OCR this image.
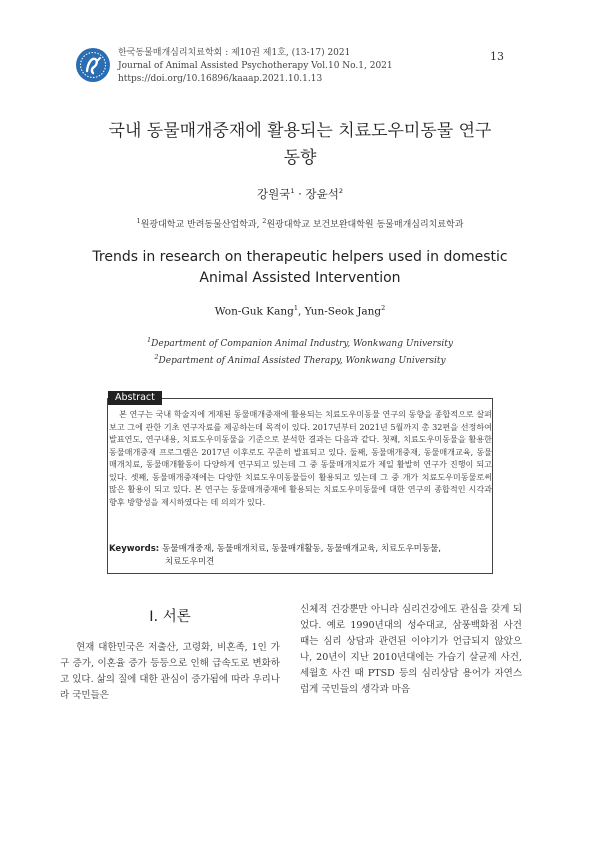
한국동물매개심리치료학회 : 제10권 제1호, (13-17) 2021
Journal of Animal Assisted Psychotherapy Vol.10 No.1, 2021
https://doi.org/10.16896/kaaap.2021.10.1.13
13
국내 동물매개중재에 활용되는 치료도우미동물 연구
동향
강원국$^1$ · 장윤석$^2$
$^1$원광대학교 반려동물산업학과, $^2$원광대학교 보건보완대학원 동물매개심리치료학과
Trends in research on therapeutic helpers used in domestic
Animal Assisted Intervention
Won-Guk Kang$^1$, Yun-Seok Jang$^2$
$^1$Department of Companion Animal Industry, Wonkwang University
$^2$Department of Animal Assisted Therapy, Wonkwang University
Abstract
본 연구는 국내 학술지에 게재된 동물매개중재에 활용되는 치료도우미동물 연구의 동향을 종합적으로 살펴보고 그에 관한 기초 연구자료를 제공하는데 목적이 있다. 2017년부터 2021년 5월까지 총 32편을 선정하여 발표연도, 연구내용, 치료도우미동물을 기준으로 분석한 결과는 다음과 같다. 첫째, 치료도우미동물을 활용한 동물매개중재 프로그램은 2017년 이후로도 꾸준히 발표되고 있다. 둘째, 동물매개중재, 동물매개교육, 동물매개치료, 동물매개활동이 다양하게 연구되고 있는데 그 중 동물매개치료가 제일 활발히 연구가 진행이 되고 있다. 셋째, 동물매개중재에는 다양한 치료도우미동물들이 활용되고 있는데 그 중 개가 치료도우미동물로써 많은 활용이 되고 있다. 본 연구는 동물매개중재에 활용되는 치료도우미동물에 대한 연구의 종합적인 시각과 향후 방향성을 제시하였다는 데 의의가 있다.
Keywords: 동물매개중재, 동물매개치료, 동물매개활동, 동물매개교육, 치료도우미동물,
치료도우미견
Ⅰ. 서론
현재 대한민국은 저출산, 고령화, 비혼족, 1인 가구 증가, 이혼율 증가 등등으로 인해 급속도로 변화하고 있다. 삶의 질에 대한 관심이 증가됨에 따라 우리나라 국민들은
신체적 건강뿐만 아니라 심리건강에도 관심을 갖게 되었다. 예로 1990년대의 성수대교, 삼풍백화점 사건 때는 심리 상담과 관련된 이야기가 언급되지 않았으나, 20년이 지난 2010년대에는 가습기 살균제 사건, 세월호 사건 때 PTSD 등의 심리상담 용어가 자연스럽게 국민들의 생각과 마음
